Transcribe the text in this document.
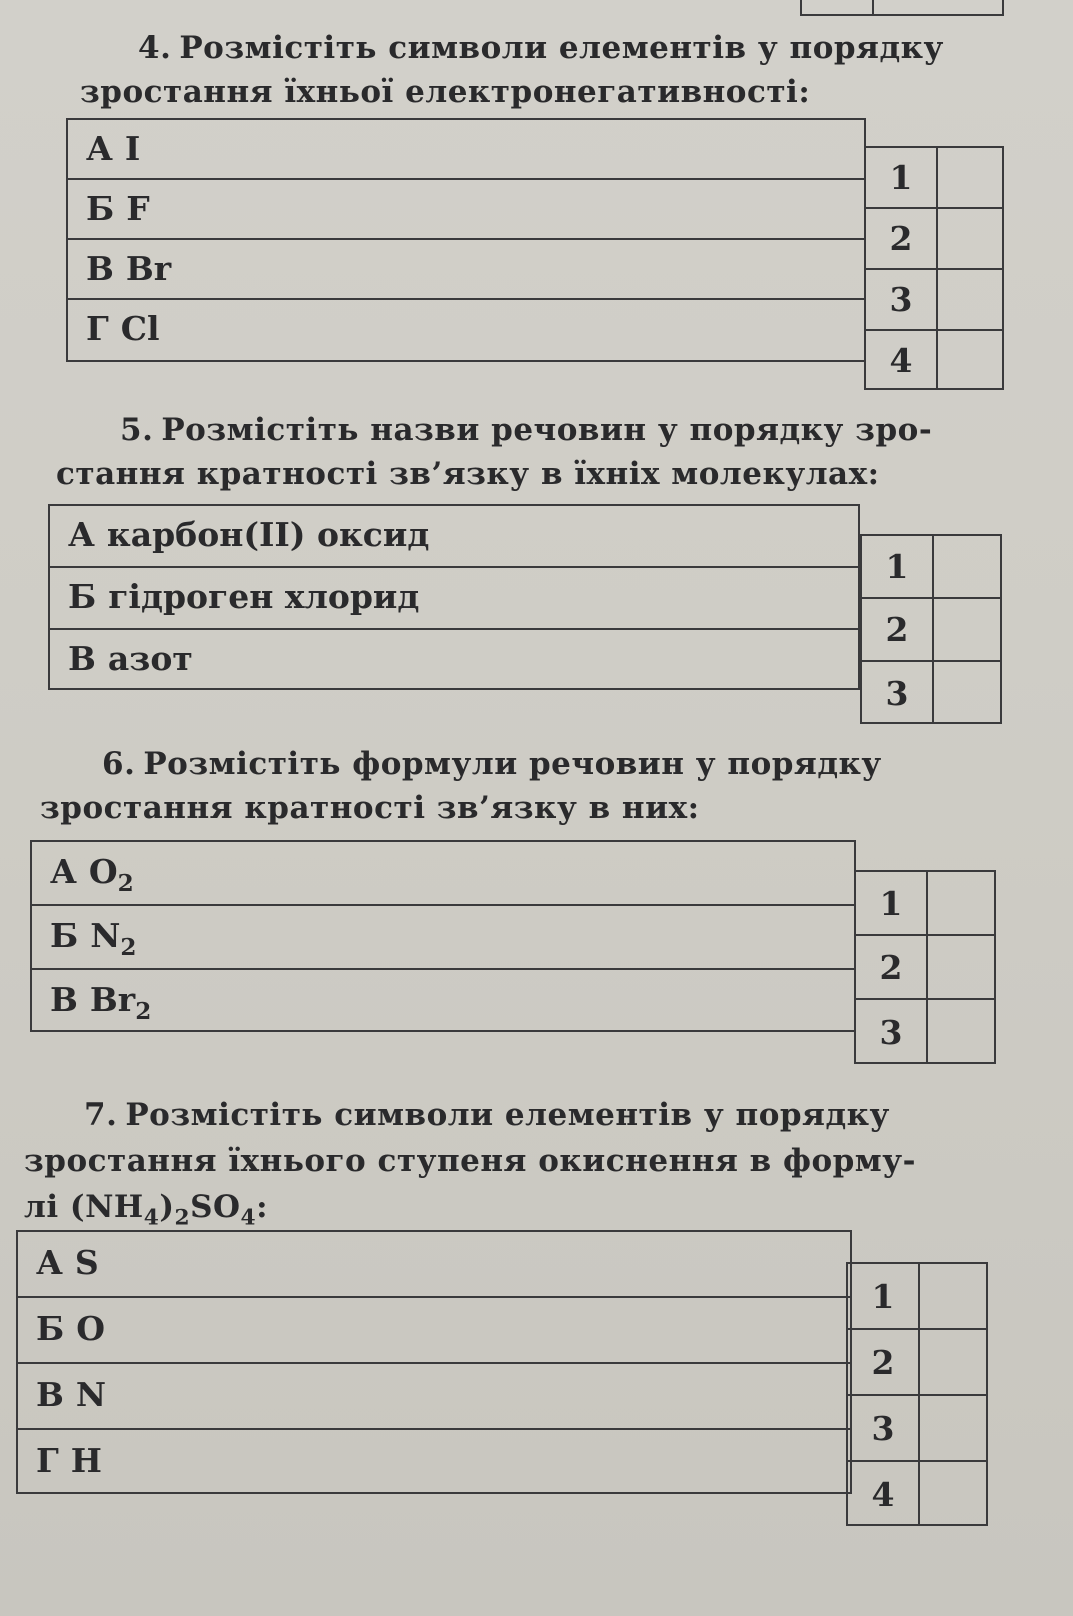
4. Розмістіть символи елементів у порядку
зростання їхньої електронегативності:
А I
Б F
В Br
Г Cl
1
2
3
4
5. Розмістіть назви речовин у порядку зро-
стання кратності зв’язку в їхніх молекулах:
А карбон(II) оксид
Б гідроген хлорид
В азот
1
2
3
6. Розмістіть формули речовин у порядку
зростання кратності зв’язку в них:
А $O_2$
Б $N_2$
В $Br_2$
1
2
3
7. Розмістіть символи елементів у порядку
зростання їхнього ступеня окиснення в форму-
лі $(NH_4)_2SO_4$:
А S
Б O
В N
Г H
1
2
3
4
